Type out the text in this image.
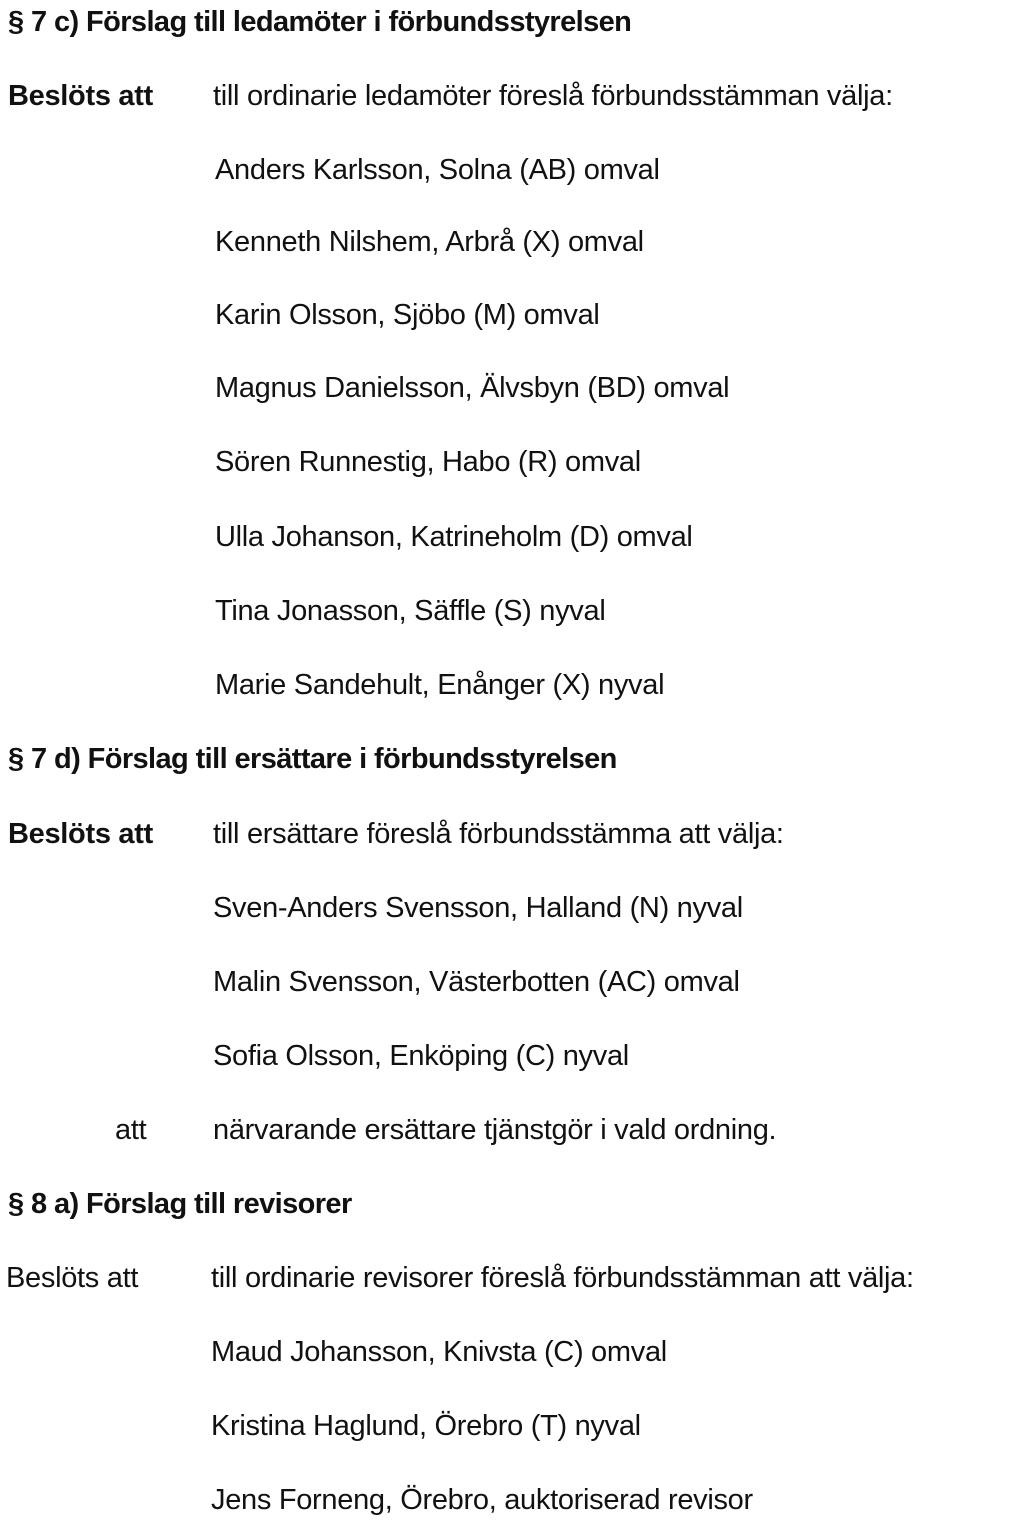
§ 7 c) Förslag till ledamöter i förbundsstyrelsen
Beslöts att till ordinarie ledamöter föreslå förbundsstämman välja:
Anders Karlsson, Solna (AB) omval
Kenneth Nilshem, Arbrå (X) omval
Karin Olsson, Sjöbo (M) omval
Magnus Danielsson, Älvsbyn (BD) omval
Sören Runnestig, Habo (R) omval
Ulla Johanson, Katrineholm (D) omval
Tina Jonasson, Säffle (S) nyval
Marie Sandehult, Enånger (X) nyval
§ 7 d) Förslag till ersättare i förbundsstyrelsen
Beslöts att till ersättare föreslå förbundsstämma att välja:
Sven-Anders Svensson, Halland (N) nyval
Malin Svensson, Västerbotten (AC) omval
Sofia Olsson, Enköping (C) nyval
att närvarande ersättare tjänstgör i vald ordning.
§ 8 a) Förslag till revisorer
Beslöts att	till ordinarie revisorer föreslå förbundsstämman att välja:
Maud Johansson, Knivsta (C) omval
Kristina Haglund, Örebro (T) nyval
Jens Forneng, Örebro, auktoriserad revisor
